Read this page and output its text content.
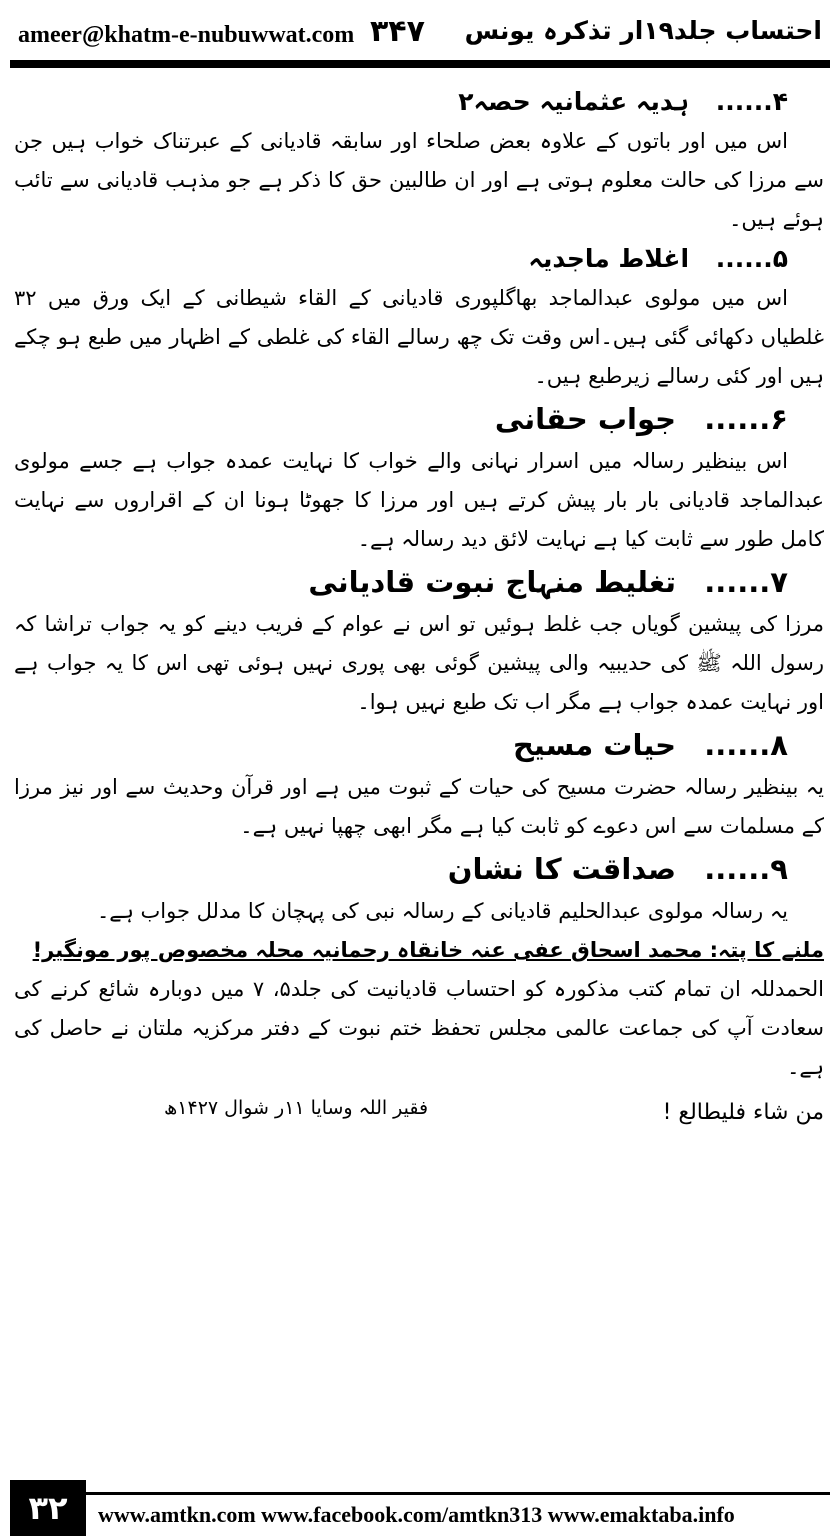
ameer@khatm-e-nubuwwat.com ۳۴۷ احتساب جلد۱۹ار تذکرہ یونس
۴...... ہدیہ عثمانیہ حصہ۲

اس میں اور باتوں کے علاوہ بعض صلحاء اور سابقہ قادیانی کے عبرتناک خواب ہیں جن سے مرزا کی حالت معلوم ہوتی ہے اور ان طالبین حق کا ذکر ہے جو مذہب قادیانی سے تائب ہوئے ہیں۔

۵...... اغلاط ماجدیہ

اس میں مولوی عبدالماجد بھاگلپوری قادیانی کے القاء شیطانی کے ایک ورق میں ۳۲ غلطیاں دکھائی گئی ہیں۔اس وقت تک چھ رسالے القاء کی غلطی کے اظہار میں طبع ہو چکے ہیں اور کئی رسالے زیرطبع ہیں۔

۶...... جواب حقانی

اس بینظیر رسالہ میں اسرار نہانی والے خواب کا نہایت عمدہ جواب ہے جسے مولوی عبدالماجد قادیانی بار بار پیش کرتے ہیں اور مرزا کا جھوٹا ہونا ان کے اقراروں سے نہایت کامل طور سے ثابت کیا ہے نہایت لائق دید رسالہ ہے۔

۷...... تغلیط منہاج نبوت قادیانی

مرزا کی پیشین گویاں جب غلط ہوئیں تو اس نے عوام کے فریب دینے کو یہ جواب تراشا کہ رسول اللہ ﷺ کی حدیبیہ والی پیشین گوئی بھی پوری نہیں ہوئی تھی اس کا یہ جواب ہے اور نہایت عمدہ جواب ہے مگر اب تک طبع نہیں ہوا۔

۸...... حیات مسیح

یہ بینظیر رسالہ حضرت مسیح کی حیات کے ثبوت میں ہے اور قرآن وحدیث سے اور نیز مرزا کے مسلمات سے اس دعوے کو ثابت کیا ہے مگر ابھی چھپا نہیں ہے۔

۹...... صداقت کا نشان

یہ رسالہ مولوی عبدالحلیم قادیانی کے رسالہ نبی کی پہچان کا مدلل جواب ہے۔

ملنے کا پتہ: محمد اسحاق عفی عنہ خانقاہ رحمانیہ محلہ مخصوص پور مونگیر!

الحمدللہ ان تمام کتب مذکورہ کو احتساب قادیانیت کی جلد۵، ۷ میں دوبارہ شائع کرنے کی سعادت آپ کی جماعت عالمی مجلس تحفظ ختم نبوت کے دفتر مرکزیہ ملتان نے حاصل کی ہے۔

فقیر اللہ وسایا ۱۱ر شوال ۱۴۲۷ھ	من شاء فليطالع !
۳۲	www.amtkn.com www.facebook.com/amtkn313 www.emaktaba.info
